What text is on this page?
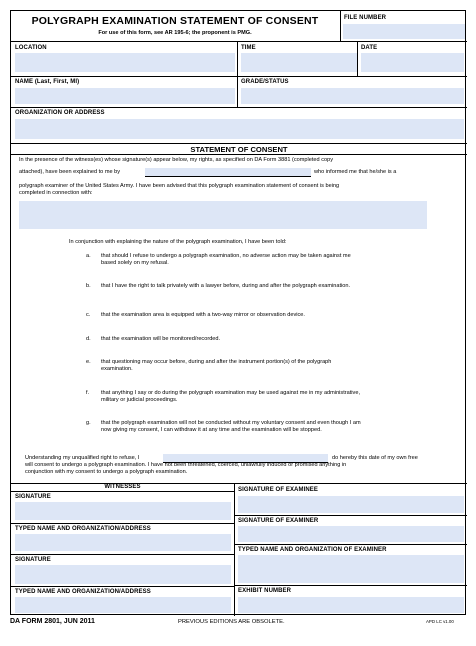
POLYGRAPH EXAMINATION STATEMENT OF CONSENT
For use of this form, see AR 195-6; the proponent is PMG.
FILE NUMBER
LOCATION	TIME	DATE
NAME (Last, First, MI)	GRADE/STATUS
ORGANIZATION OR ADDRESS
STATEMENT OF CONSENT
In the presence of the witness(es) whose signature(s) appear below, my rights, as specified on DA Form 3881 (completed copy
attached), have been explained to me by	who informed me that he/she is a
polygraph examiner of the United States Army. I have been advised that this polygraph examination statement of consent is being
completed in connection with:
In conjunction with explaining the nature of the polygraph examination, I have been told:
a. that should I refuse to undergo a polygraph examination, no adverse action may be taken against me based solely on my refusal.
b. that I have the right to talk privately with a lawyer before, during and after the polygraph examination.
c. that the examination area is equipped with a two-way mirror or observation device.
d. that the examination will be monitored/recorded.
e. that questioning may occur before, during and after the instrument portion(s) of the polygraph examination.
f. that anything I say or do during the polygraph examination may be used against me in my administrative, military or judicial proceedings.
g. that the polygraph examination will not be conducted without my voluntary consent and even though I am now giving my consent, I can withdraw it at any time and the examination will be stopped.
Understanding my unqualified right to refuse, I	do hereby this date of my own free
will consent to undergo a polygraph examination. I have not been threatened, coerced, unlawfully induced or promised anything in
conjunction with my consent to undergo a polygraph examination.
WITNESSES
SIGNATURE
TYPED NAME AND ORGANIZATION/ADDRESS
SIGNATURE
TYPED NAME AND ORGANIZATION/ADDRESS
SIGNATURE OF EXAMINEE
SIGNATURE OF EXAMINER
TYPED NAME AND ORGANIZATION OF EXAMINER
EXHIBIT NUMBER
DA FORM 2801, JUN 2011	PREVIOUS EDITIONS ARE OBSOLETE.	APD LC v1.00
